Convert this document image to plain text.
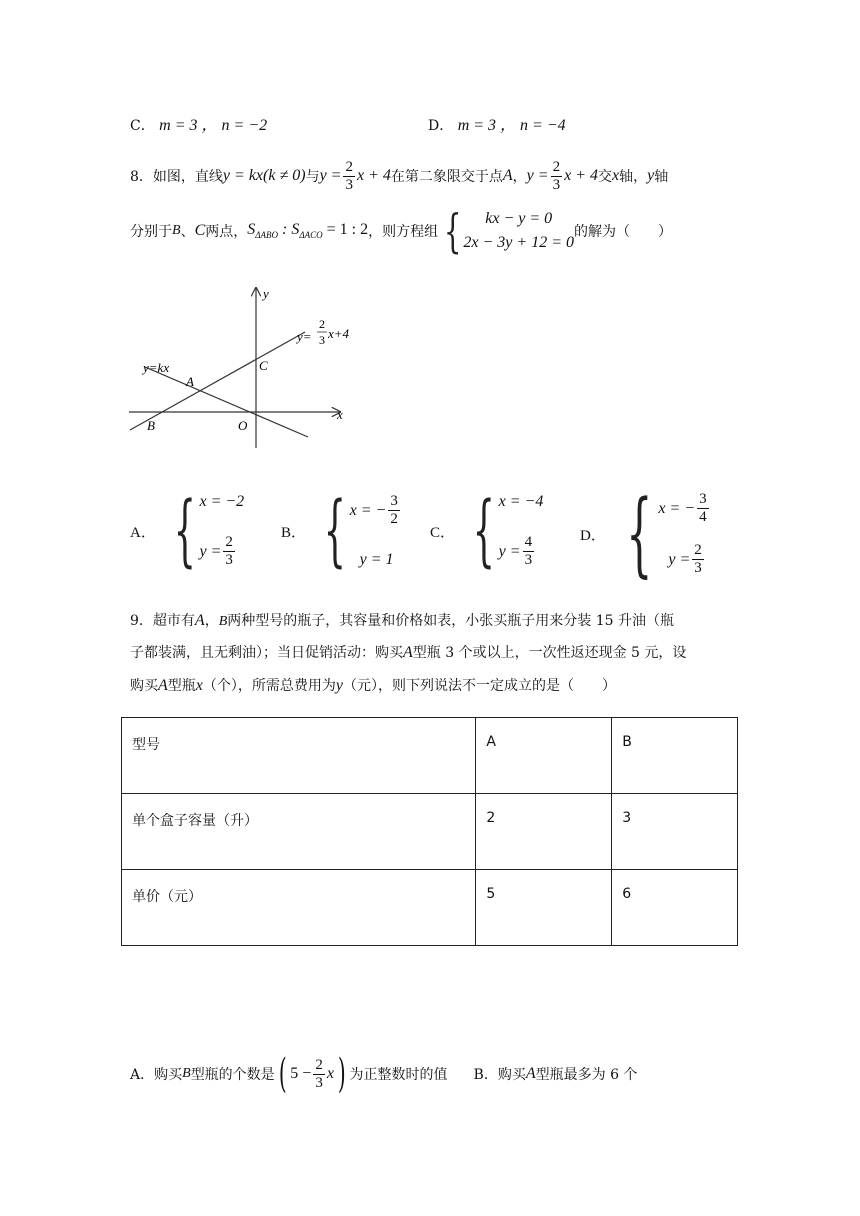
C． m = 3 ， n = −2	D． m = 3 ， n = −4
8． 如图，直线 y = kx(k ≠ 0) 与 $y = \frac{2}{3}$ x + 4 在第二象限交于点 A ， $y = \frac{2}{3}$ x + 4 交 x 轴， y 轴
分别于 B 、 C 两点， $S_{\Delta ABO}$ : $S_{\Delta ACO} = 1$ : 2 ，则方程组 {	kx − y = 0
2x − 3y + 12 = 0
的解为（　　）
y
x
y=
2
3 x+4
y=kx
A
B
C
O
A． { x = −2
$y = \frac{2}{3}$
B． { x = − $\frac{3}{2}$
y = 1
C． { x = −4
$y = \frac{4}{3}$	D． { x = − $\frac{3}{4}$
$y = \frac{2}{3}$
9．超市有A，B两种型号的瓶子，其容量和价格如表，小张买瓶子用来分装 15 升油（瓶
子都装满，且无剩油）；当日促销活动：购买A型瓶 3 个或以上，一次性返还现金 5 元，设
购买A型瓶x（个），所需总费用为y（元），则下列说法不一定成立的是（　　）
型号	A	B
单个盒子容量（升）	2	3
单价（元）	5	6
A．购买 B 型瓶的个数是 ( $5 - \frac{2}{3}$ x ) 为正整数时的值 B．购买 A 型瓶最多为 6 个
